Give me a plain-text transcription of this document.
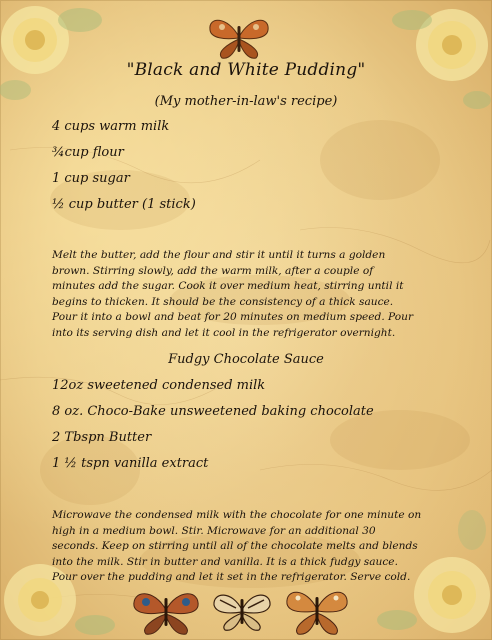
"Black and White Pudding"
(My mother-in-law's recipe)
4 cups warm milk
¾cup flour
1 cup sugar
½ cup butter (1 stick)
Melt the butter, add the flour and stir it until it turns a golden
brown. Stirring slowly, add the warm milk, after a couple of
minutes add the sugar. Cook it over medium heat, stirring until it
begins to thicken. It should be the consistency of a thick sauce.
Pour it into a bowl and beat for 20 minutes on medium speed. Pour
into its serving dish and let it cool in the refrigerator overnight.
Fudgy Chocolate Sauce
12oz sweetened condensed milk
8 oz. Choco-Bake unsweetened baking chocolate
2 Tbspn Butter
1 ½ tspn vanilla extract
Microwave the condensed milk with the chocolate for one minute on
high in a medium bowl. Stir. Microwave for an additional 30
seconds. Keep on stirring until all of the chocolate melts and blends
into the milk. Stir in butter and vanilla. It is a thick fudgy sauce.
Pour over the pudding and let it set in the refrigerator. Serve cold.
